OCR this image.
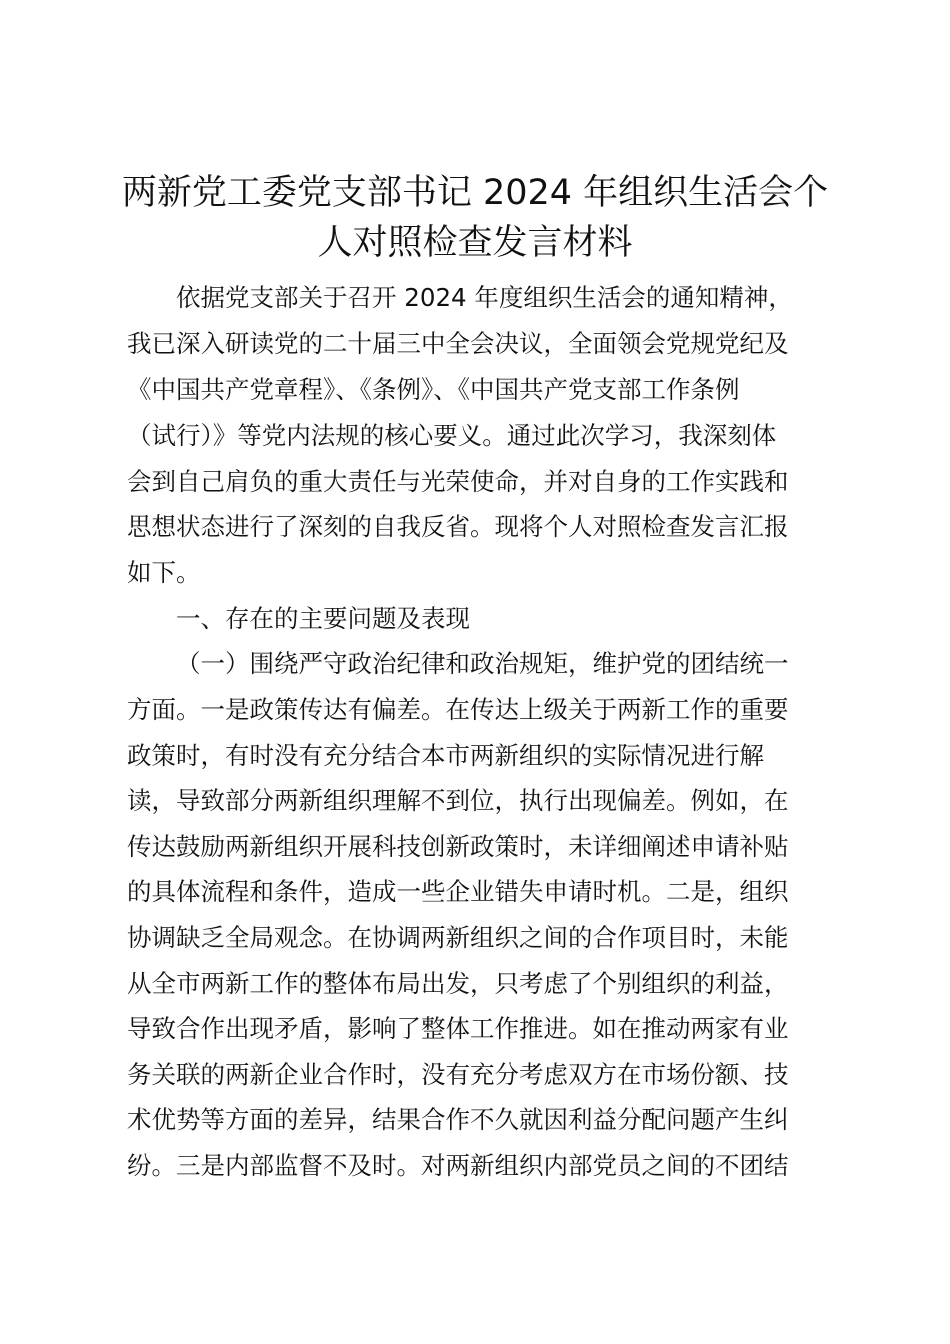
两新党工委党支部书记 2024 年组织生活会个
人对照检查发言材料

依据党支部关于召开 2024 年度组织生活会的通知精神，

我已深入研读党的二十届三中全会决议，全面领会党规党纪及

《中国共产党章程》、《条例》、《中国共产党支部工作条例

（试行）》等党内法规的核心要义。通过此次学习，我深刻体

会到自己肩负的重大责任与光荣使命，并对自身的工作实践和

思想状态进行了深刻的自我反省。现将个人对照检查发言汇报

如下。

一、存在的主要问题及表现

（一）围绕严守政治纪律和政治规矩，维护党的团结统一

方面。一是政策传达有偏差。在传达上级关于两新工作的重要

政策时，有时没有充分结合本市两新组织的实际情况进行解

读，导致部分两新组织理解不到位，执行出现偏差。例如，在

传达鼓励两新组织开展科技创新政策时，未详细阐述申请补贴

的具体流程和条件，造成一些企业错失申请时机。二是，组织

协调缺乏全局观念。在协调两新组织之间的合作项目时，未能

从全市两新工作的整体布局出发，只考虑了个别组织的利益，

导致合作出现矛盾，影响了整体工作推进。如在推动两家有业

务关联的两新企业合作时，没有充分考虑双方在市场份额、技

术优势等方面的差异，结果合作不久就因利益分配问题产生纠

纷。三是内部监督不及时。对两新组织内部党员之间的不团结
